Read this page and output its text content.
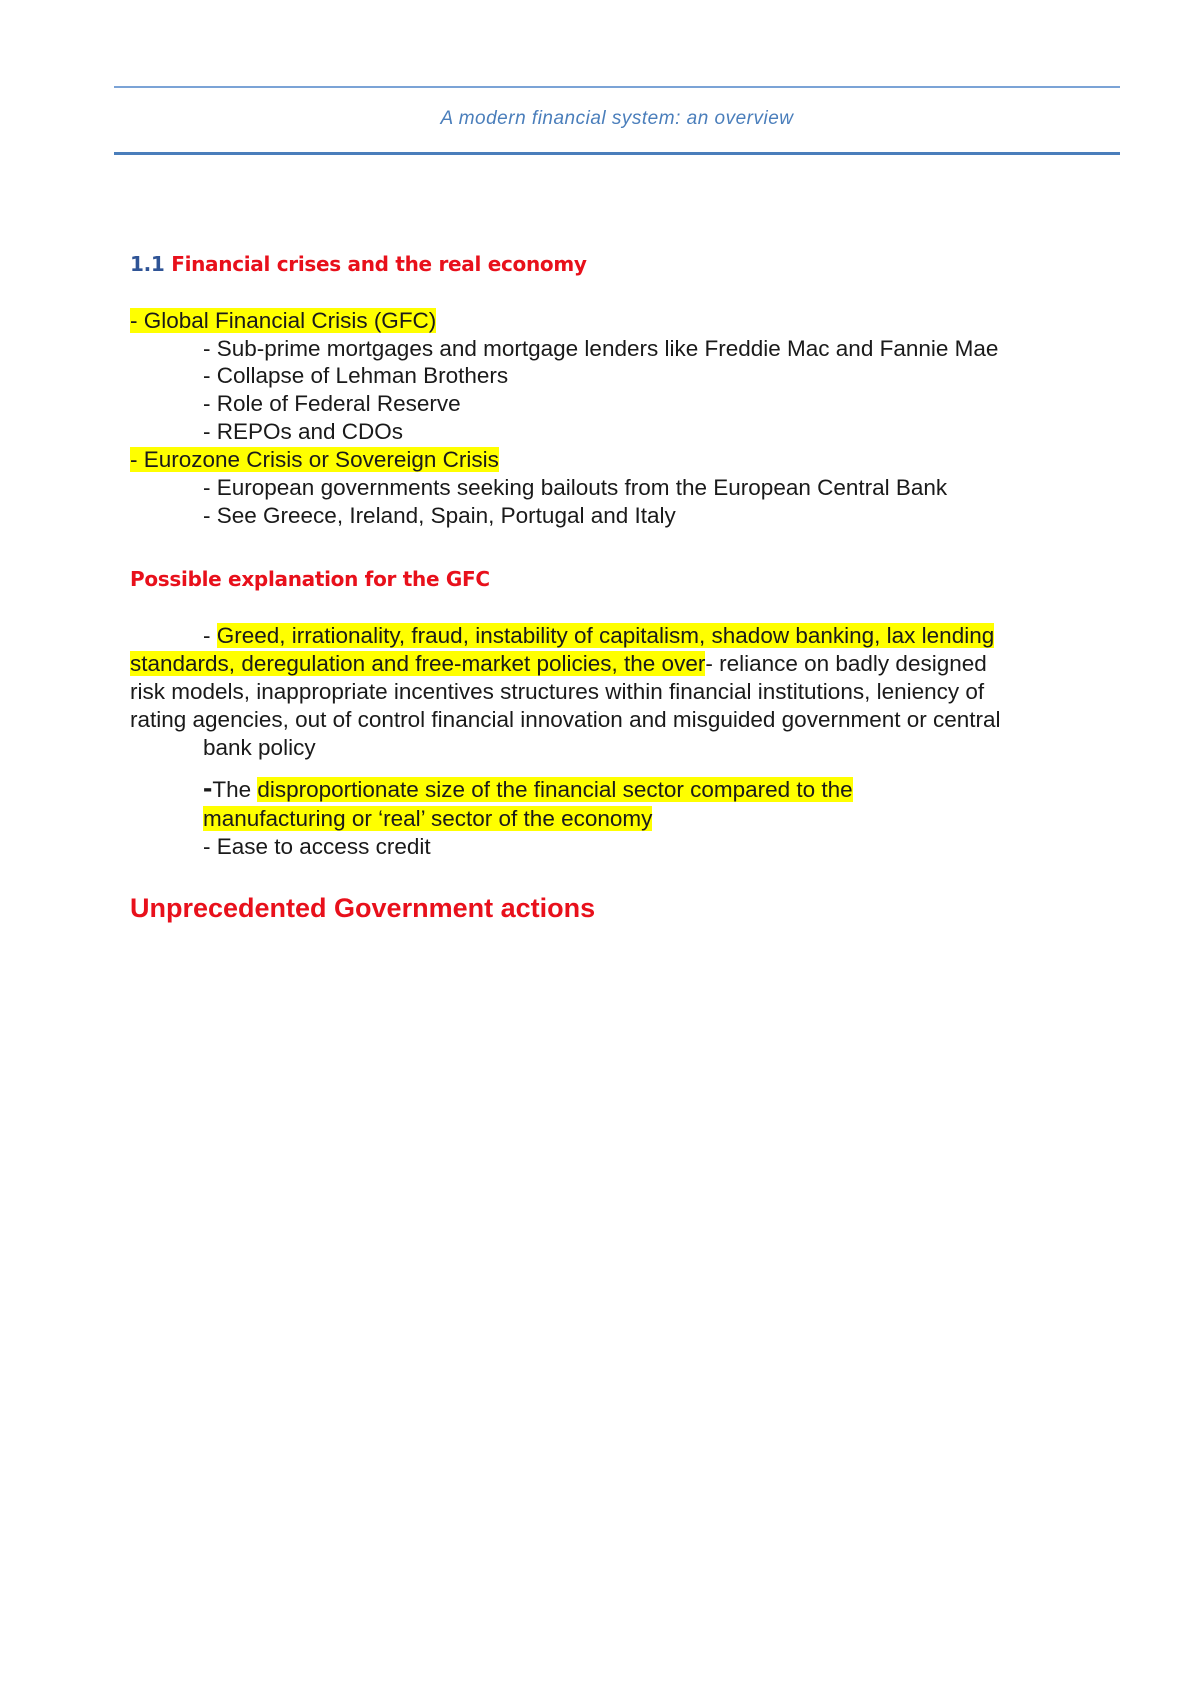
A modern financial system: an overview
1.1 Financial crises and the real economy
- Global Financial Crisis (GFC)
- Sub-prime mortgages and mortgage lenders like Freddie Mac and Fannie Mae
- Collapse of Lehman Brothers
- Role of Federal Reserve
- REPOs and CDOs
- Eurozone Crisis or Sovereign Crisis
- European governments seeking bailouts from the European Central Bank
- See Greece, Ireland, Spain, Portugal and Italy
Possible explanation for the GFC
- Greed, irrationality, fraud, instability of capitalism, shadow banking, lax lending
standards, deregulation and free-market policies, the over- reliance on badly designed
risk models, inappropriate incentives structures within financial institutions, leniency of
rating agencies, out of control financial innovation and misguided government or central
bank policy
-The disproportionate size of the financial sector compared to the
manufacturing or ‘real’ sector of the economy
- Ease to access credit
Unprecedented Government actions
